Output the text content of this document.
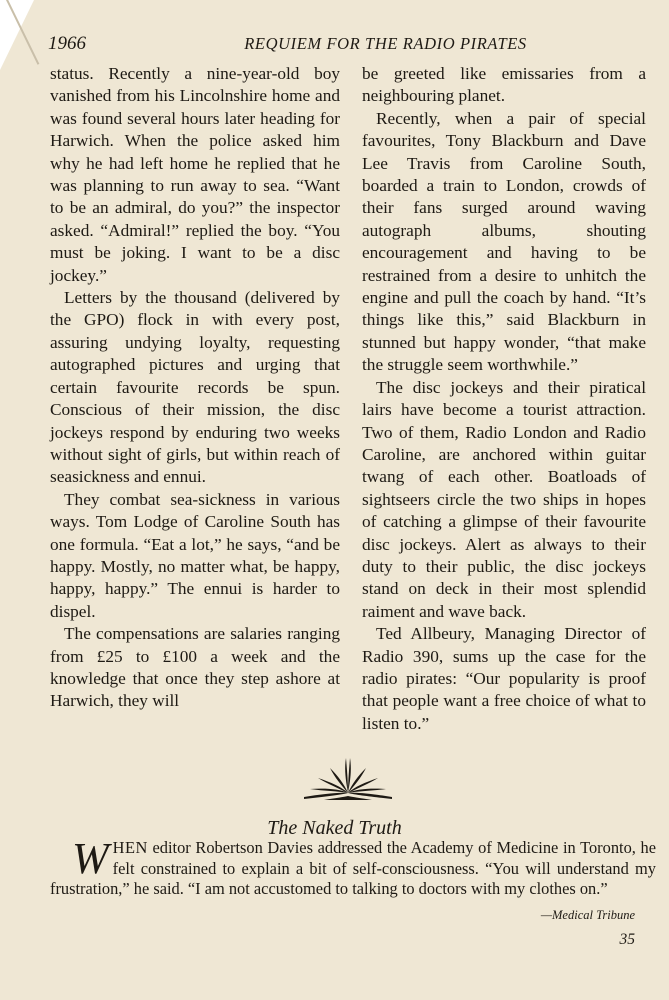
1966	REQUIEM FOR THE RADIO PIRATES

status. Recently a nine-year-old boy vanished from his Lincolnshire home and was found several hours later heading for Harwich. When the police asked him why he had left home he replied that he was planning to run away to sea. “Want to be an admiral, do you?” the inspector asked. “Admiral!” replied the boy. “You must be joking. I want to be a disc jockey.”

Letters by the thousand (delivered by the GPO) flock in with every post, assuring undying loyalty, requesting autographed pictures and urging that certain favourite records be spun. Conscious of their mission, the disc jockeys respond by enduring two weeks without sight of girls, but within reach of seasickness and ennui.

They combat sea-sickness in various ways. Tom Lodge of Caroline South has one formula. “Eat a lot,” he says, “and be happy. Mostly, no matter what, be happy, happy, happy.” The ennui is harder to dispel.

The compensations are salaries ranging from £25 to £100 a week and the knowledge that once they step ashore at Harwich, they will

be greeted like emissaries from a neighbouring planet.

Recently, when a pair of special favourites, Tony Blackburn and Dave Lee Travis from Caroline South, boarded a train to London, crowds of their fans surged around waving autograph albums, shouting encouragement and having to be restrained from a desire to unhitch the engine and pull the coach by hand. “It’s things like this,” said Blackburn in stunned but happy wonder, “that make the struggle seem worthwhile.”

The disc jockeys and their piratical lairs have become a tourist attraction. Two of them, Radio London and Radio Caroline, are anchored within guitar twang of each other. Boatloads of sightseers circle the two ships in hopes of catching a glimpse of their favourite disc jockeys. Alert as always to their duty to their public, the disc jockeys stand on deck in their most splendid raiment and wave back.

Ted Allbeury, Managing Director of Radio 390, sums up the case for the radio pirates: “Our popularity is proof that people want a free choice of what to listen to.”

The Naked Truth
WHEN editor Robertson Davies addressed the Academy of Medicine in Toronto, he felt constrained to explain a bit of self-consciousness. “You will understand my frustration,” he said. “I am not accustomed to talking to doctors with my clothes on.”
—Medical Tribune
35
